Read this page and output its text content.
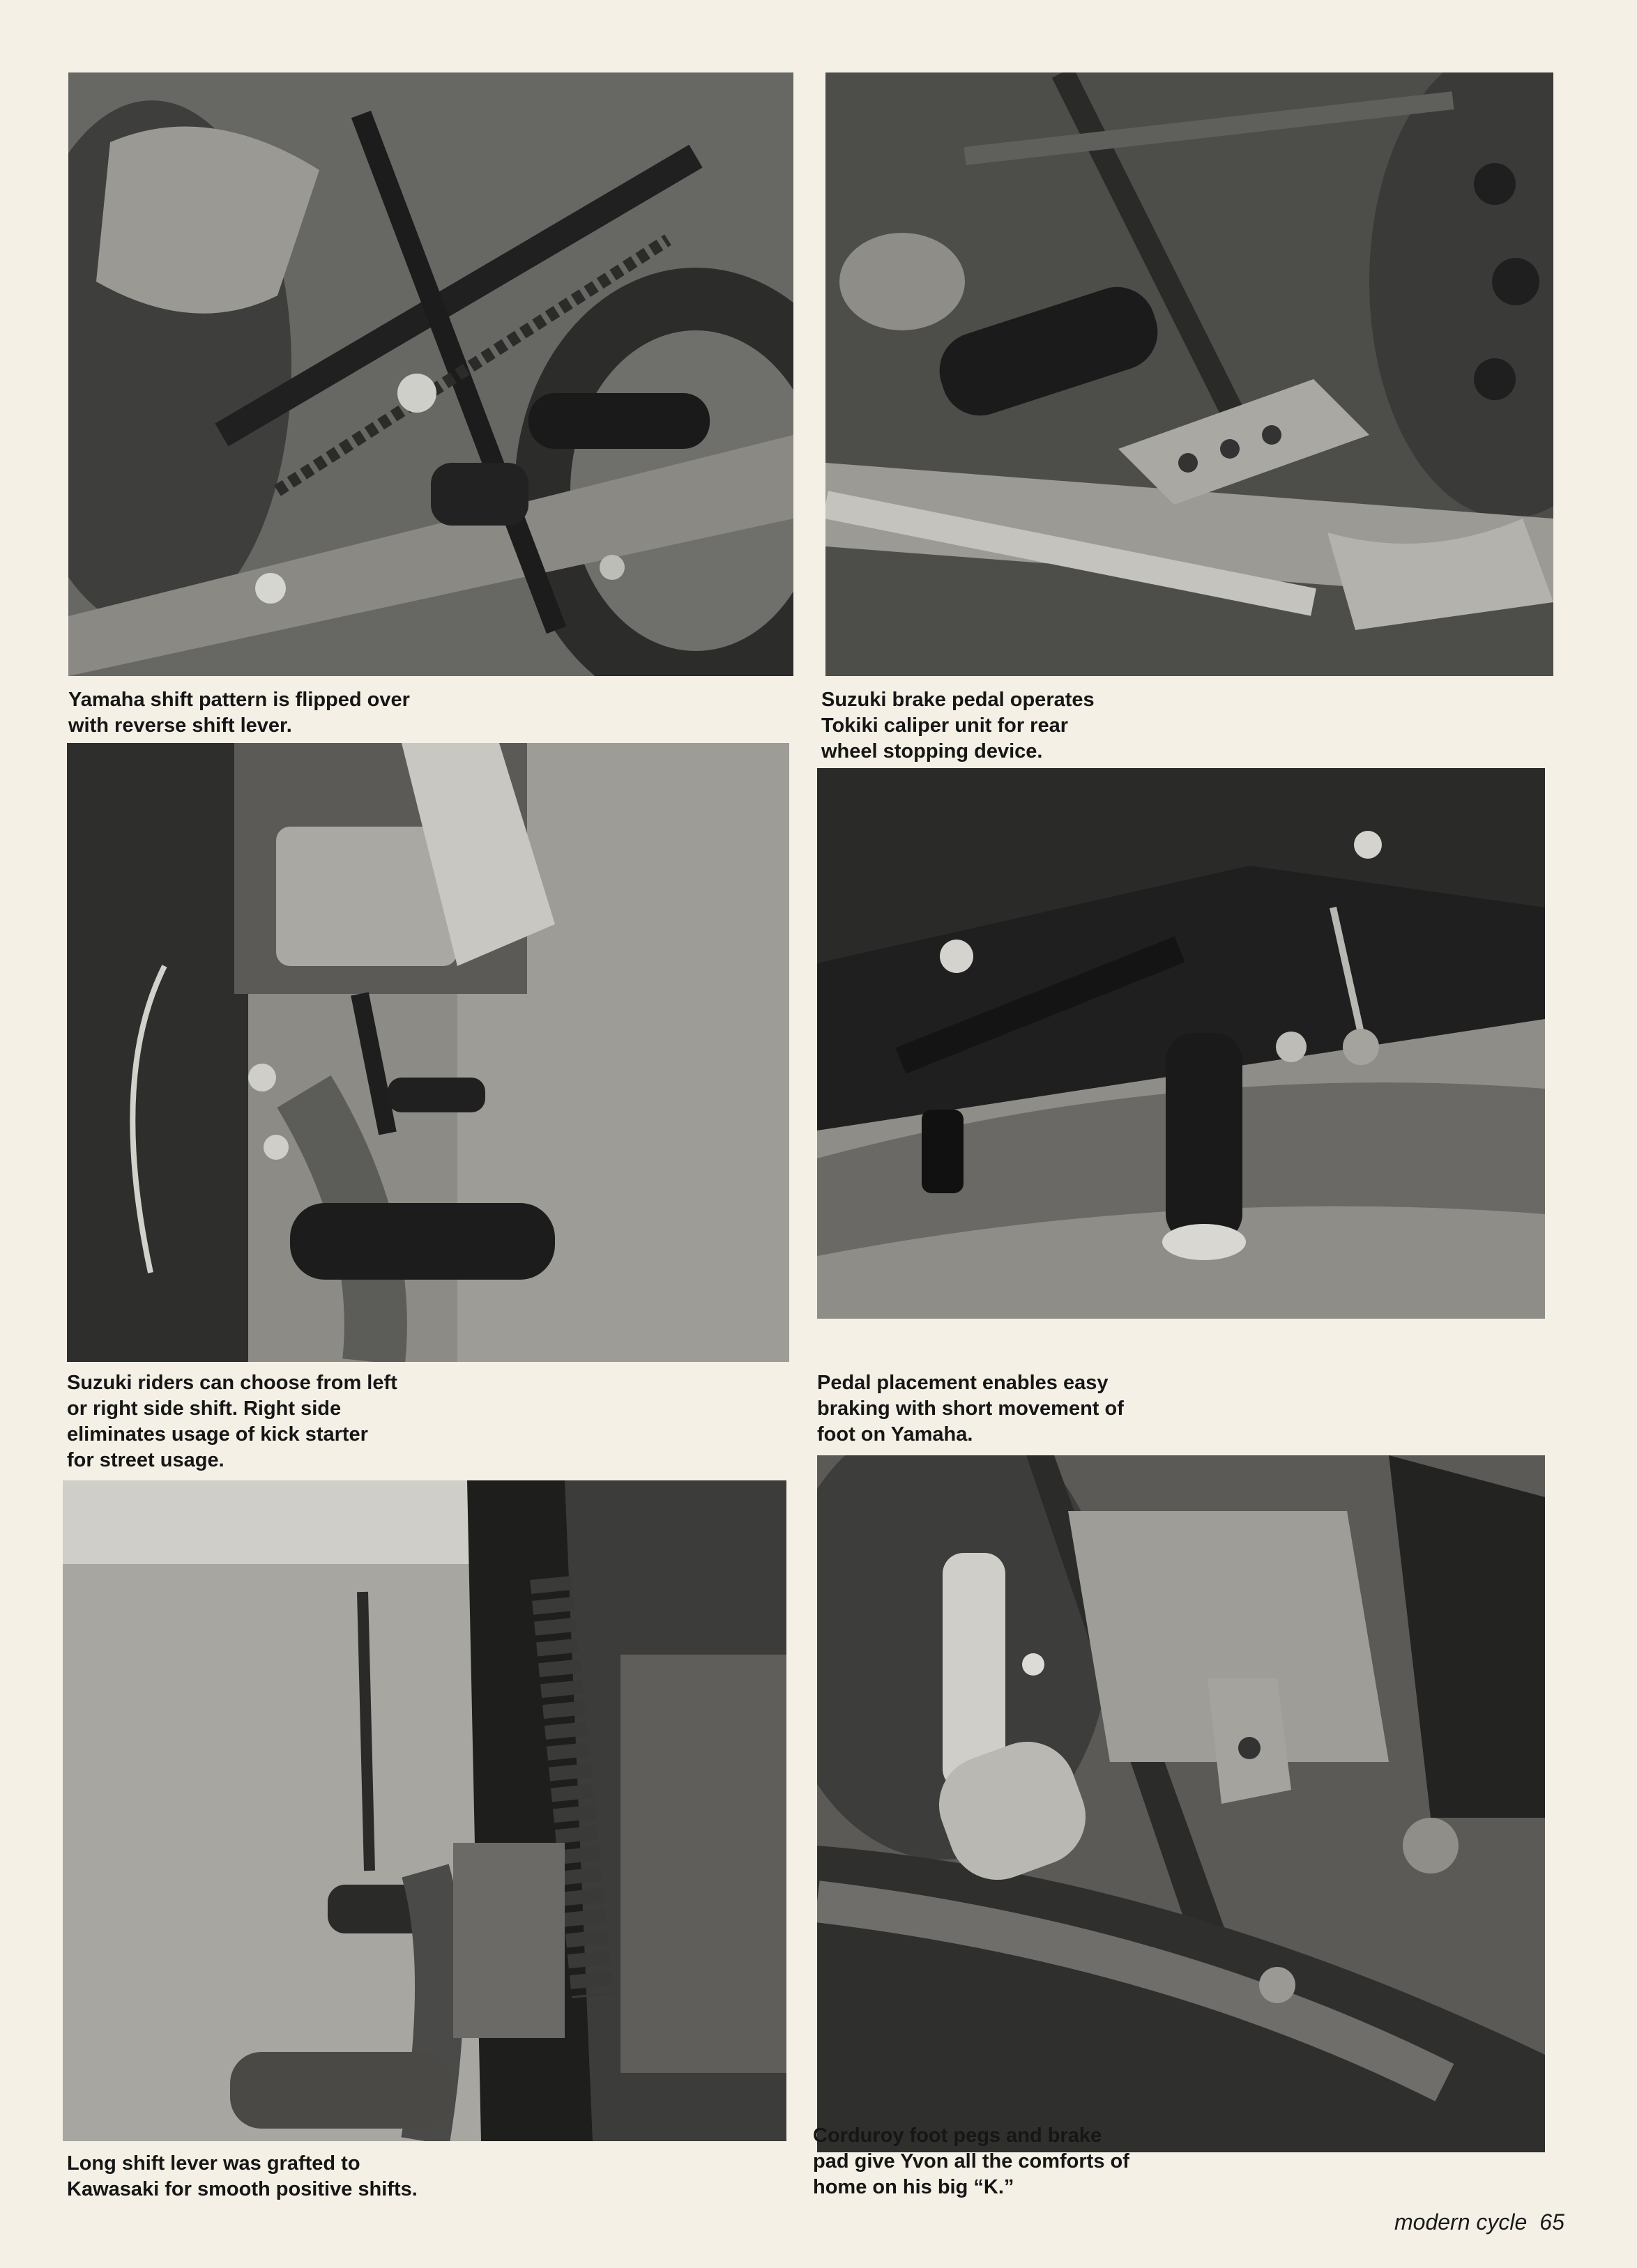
Yamaha shift pattern is flipped over
with reverse shift lever.
Suzuki brake pedal operates
Tokiki caliper unit for rear
wheel stopping device.
Suzuki riders can choose from left
or right side shift. Right side
eliminates usage of kick starter
for street usage.
Pedal placement enables easy
braking with short movement of
foot on Yamaha.
Long shift lever was grafted to
Kawasaki for smooth positive shifts.
Corduroy foot pegs and brake
pad give Yvon all the comforts of
home on his big “K.”
modern cycle 65
